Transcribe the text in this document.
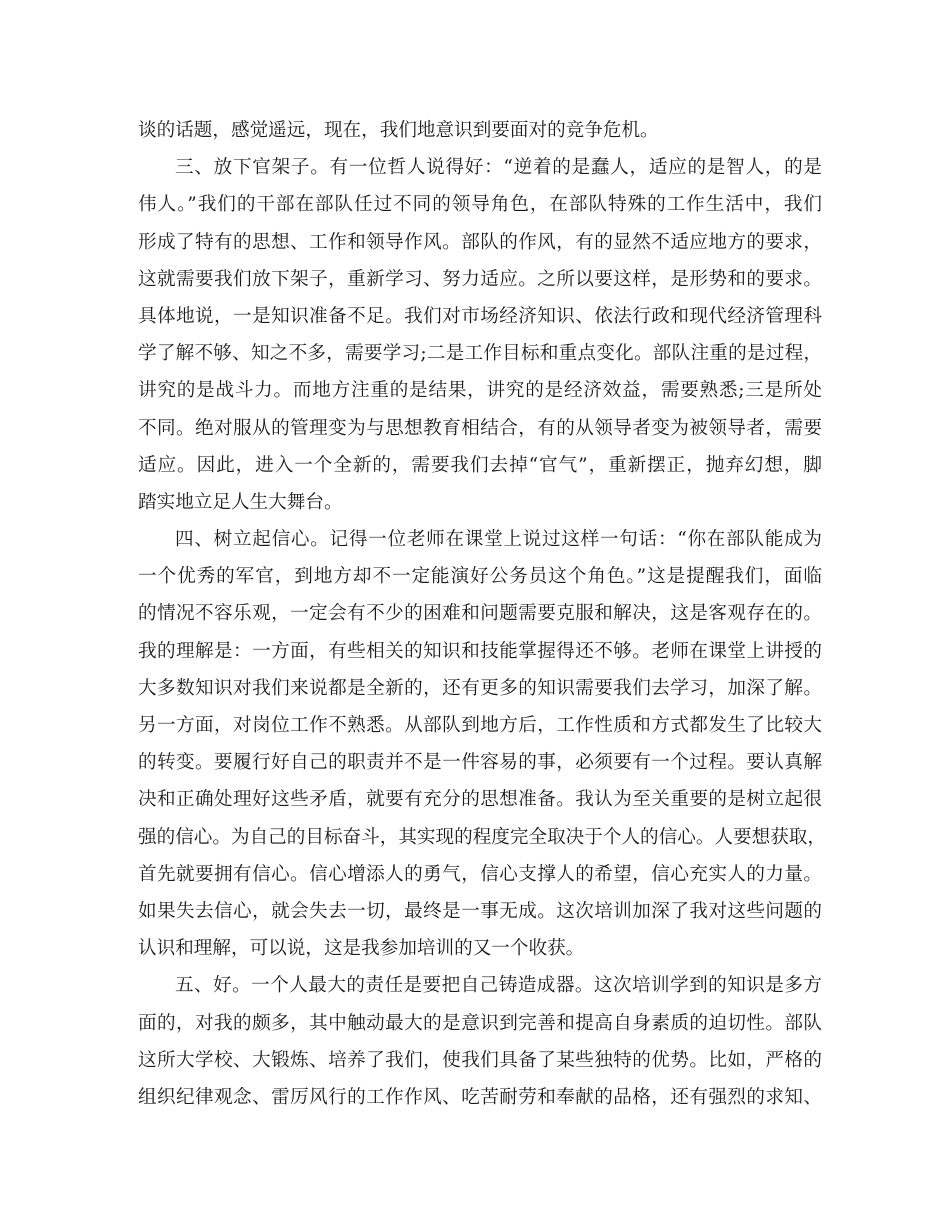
谈的话题，感觉遥远，现在，我们地意识到要面对的竞争危机。
三、放下官架子。有一位哲人说得好：“逆着的是蠢人，适应的是智人，的是
伟人。”我们的干部在部队任过不同的领导角色，在部队特殊的工作生活中，我们
形成了特有的思想、工作和领导作风。部队的作风，有的显然不适应地方的要求，
这就需要我们放下架子，重新学习、努力适应。之所以要这样，是形势和的要求。
具体地说，一是知识准备不足。我们对市场经济知识、依法行政和现代经济管理科
学了解不够、知之不多，需要学习;二是工作目标和重点变化。部队注重的是过程，
讲究的是战斗力。而地方注重的是结果，讲究的是经济效益，需要熟悉;三是所处
不同。绝对服从的管理变为与思想教育相结合，有的从领导者变为被领导者，需要
适应。因此，进入一个全新的，需要我们去掉“官气”，重新摆正，抛弃幻想，脚
踏实地立足人生大舞台。
四、树立起信心。记得一位老师在课堂上说过这样一句话：“你在部队能成为
一个优秀的军官，到地方却不一定能演好公务员这个角色。”这是提醒我们，面临
的情况不容乐观，一定会有不少的困难和问题需要克服和解决，这是客观存在的。
我的理解是：一方面，有些相关的知识和技能掌握得还不够。老师在课堂上讲授的
大多数知识对我们来说都是全新的，还有更多的知识需要我们去学习，加深了解。
另一方面，对岗位工作不熟悉。从部队到地方后，工作性质和方式都发生了比较大
的转变。要履行好自己的职责并不是一件容易的事，必须要有一个过程。要认真解
决和正确处理好这些矛盾，就要有充分的思想准备。我认为至关重要的是树立起很
强的信心。为自己的目标奋斗，其实现的程度完全取决于个人的信心。人要想获取，
首先就要拥有信心。信心增添人的勇气，信心支撑人的希望，信心充实人的力量。
如果失去信心，就会失去一切，最终是一事无成。这次培训加深了我对这些问题的
认识和理解，可以说，这是我参加培训的又一个收获。
五、好。一个人最大的责任是要把自己铸造成器。这次培训学到的知识是多方
面的，对我的颇多，其中触动最大的是意识到完善和提高自身素质的迫切性。部队
这所大学校、大锻炼、培养了我们，使我们具备了某些独特的优势。比如，严格的
组织纪律观念、雷厉风行的工作作风、吃苦耐劳和奉献的品格，还有强烈的求知、
